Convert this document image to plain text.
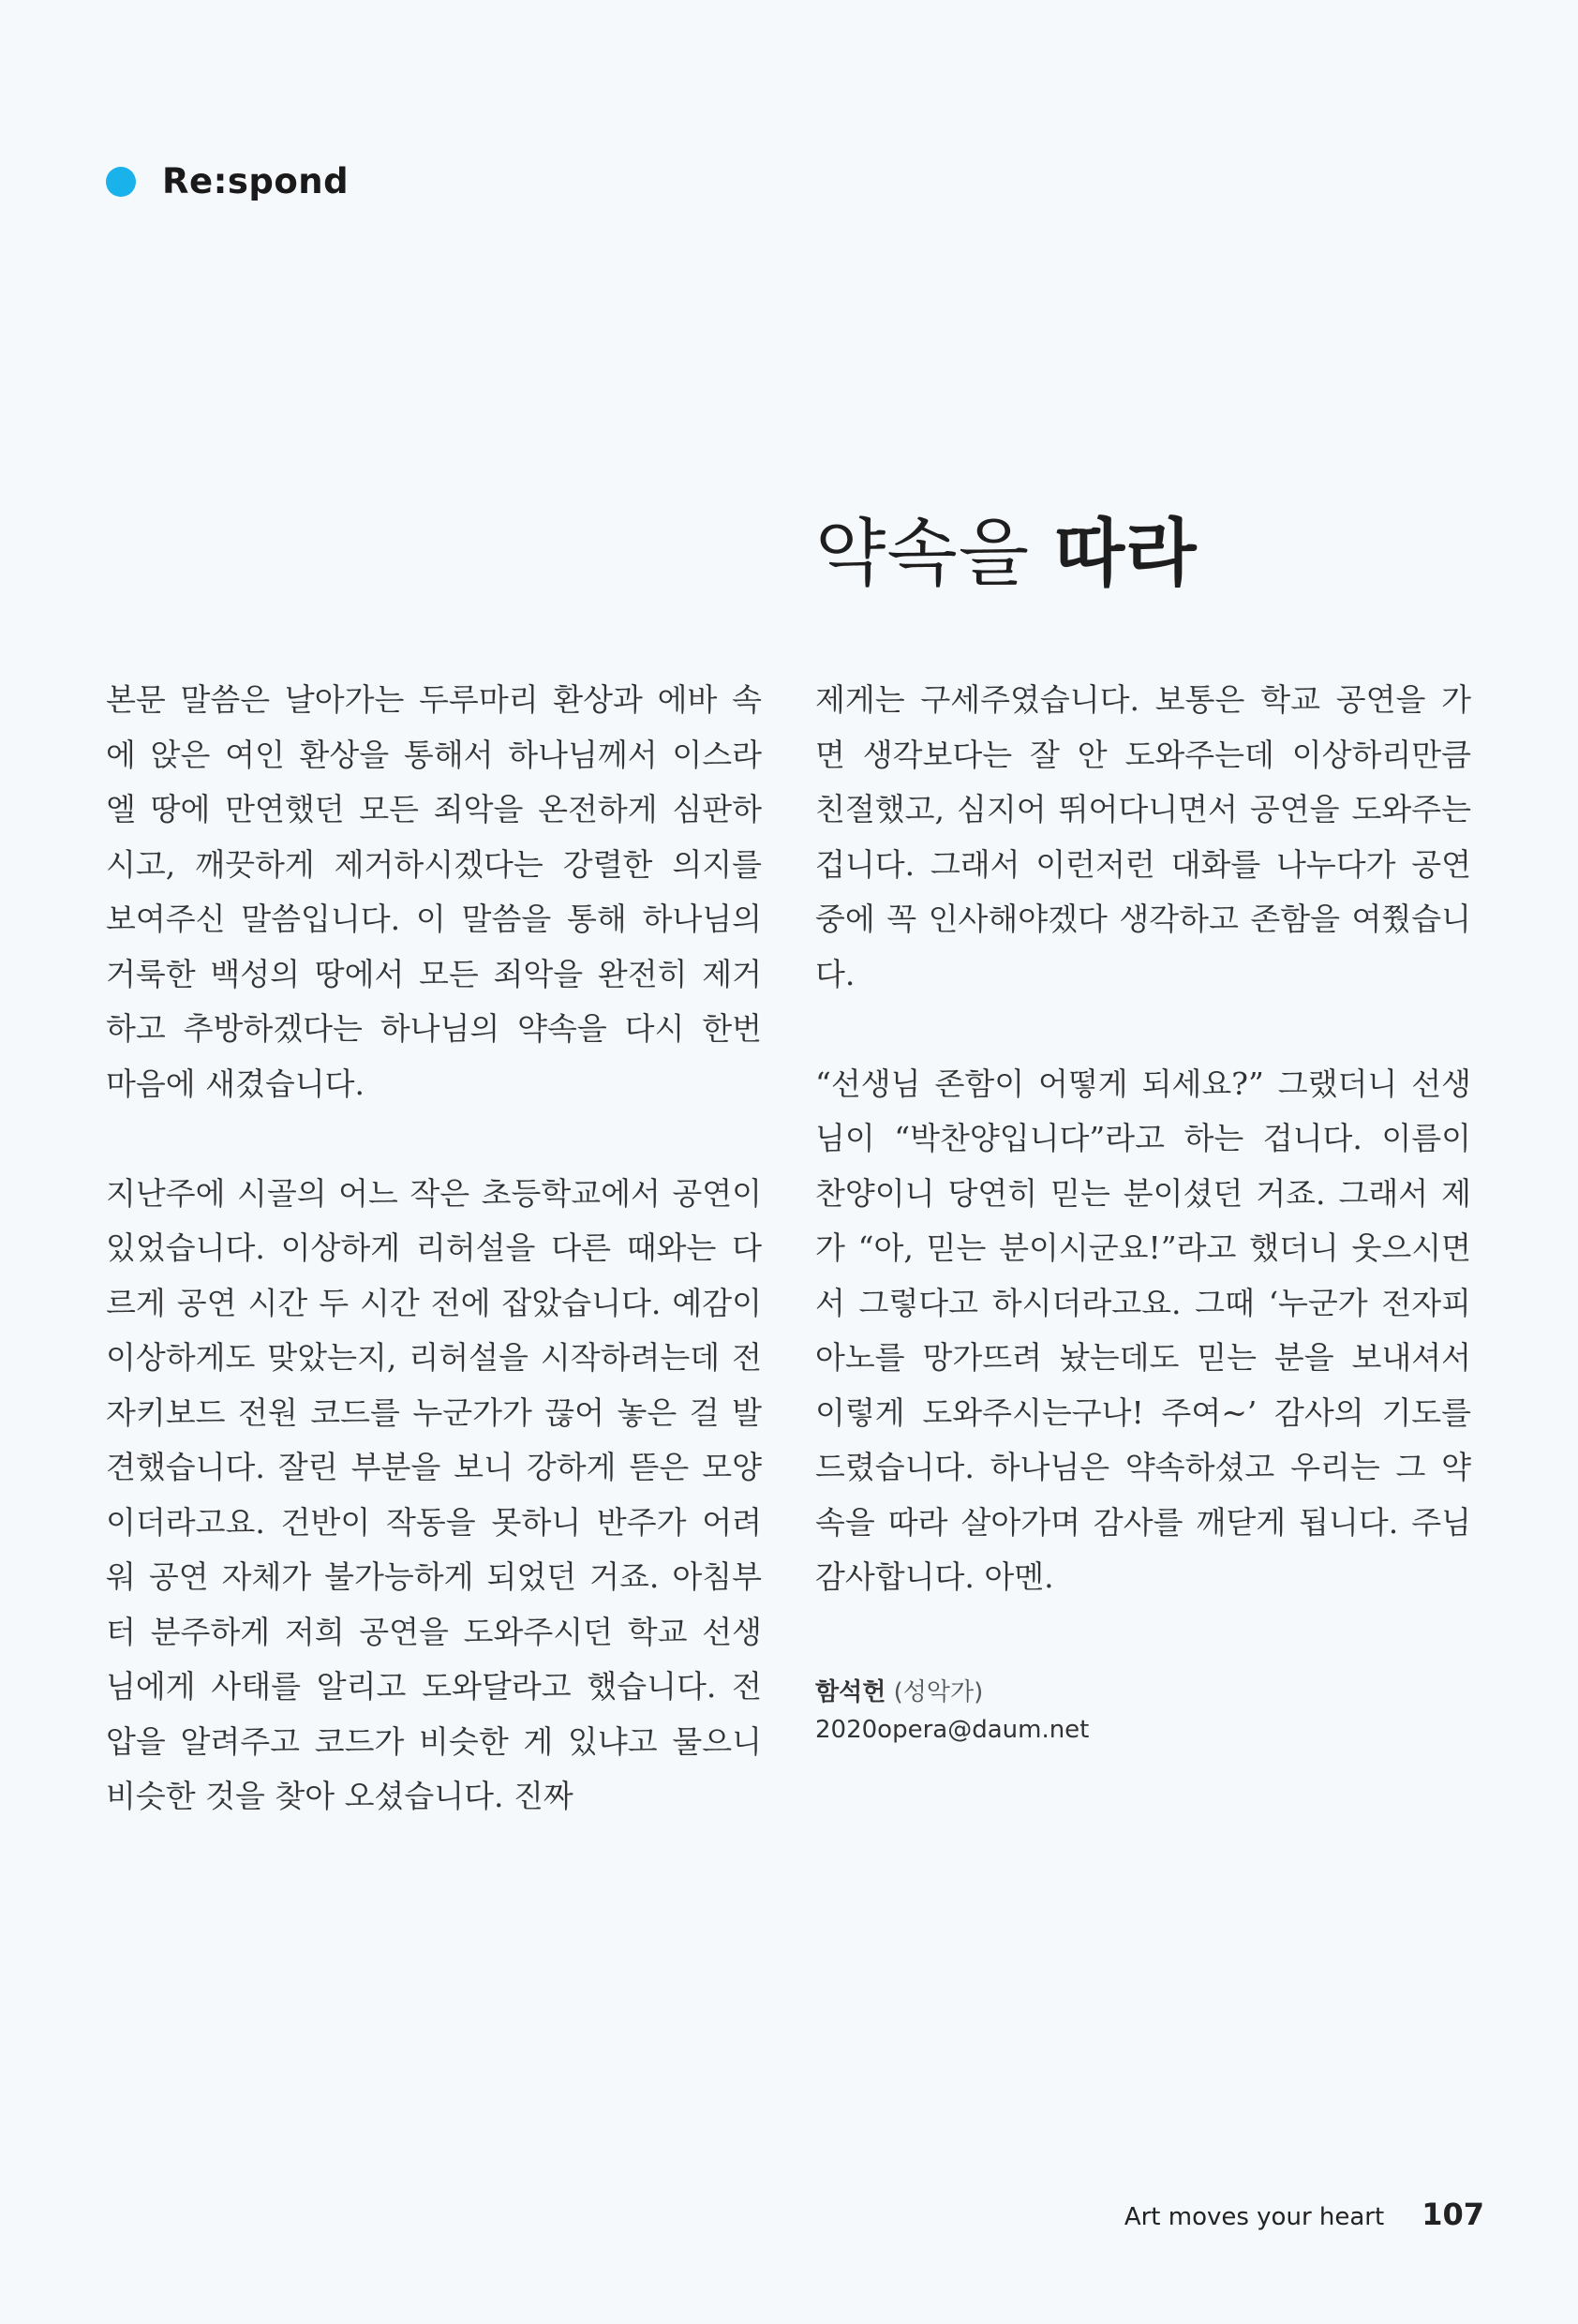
Re:spond
약속을 따라

본문 말씀은 날아가는 두루마리 환상과 에바 속에 앉은 여인 환상을 통해서 하나님께서 이스라엘 땅에 만연했던 모든 죄악을 온전하게 심판하시고, 깨끗하게 제거하시겠다는 강렬한 의지를 보여주신 말씀입니다. 이 말씀을 통해 하나님의 거룩한 백성의 땅에서 모든 죄악을 완전히 제거하고 추방하겠다는 하나님의 약속을 다시 한번 마음에 새겼습니다.

지난주에 시골의 어느 작은 초등학교에서 공연이 있었습니다. 이상하게 리허설을 다른 때와는 다르게 공연 시간 두 시간 전에 잡았습니다. 예감이 이상하게도 맞았는지, 리허설을 시작하려는데 전자키보드 전원 코드를 누군가가 끊어 놓은 걸 발견했습니다. 잘린 부분을 보니 강하게 뜯은 모양이더라고요. 건반이 작동을 못하니 반주가 어려워 공연 자체가 불가능하게 되었던 거죠. 아침부터 분주하게 저희 공연을 도와주시던 학교 선생님에게 사태를 알리고 도와달라고 했습니다. 전압을 알려주고 코드가 비슷한 게 있냐고 물으니 비슷한 것을 찾아 오셨습니다. 진짜

제게는 구세주였습니다. 보통은 학교 공연을 가면 생각보다는 잘 안 도와주는데 이상하리만큼 친절했고, 심지어 뛰어다니면서 공연을 도와주는 겁니다. 그래서 이런저런 대화를 나누다가 공연 중에 꼭 인사해야겠다 생각하고 존함을 여쭸습니다.

“선생님 존함이 어떻게 되세요?” 그랬더니 선생님이 “박찬양입니다”라고 하는 겁니다. 이름이 찬양이니 당연히 믿는 분이셨던 거죠. 그래서 제가 “아, 믿는 분이시군요!”라고 했더니 웃으시면서 그렇다고 하시더라고요. 그때 ‘누군가 전자피아노를 망가뜨려 놨는데도 믿는 분을 보내셔서 이렇게 도와주시는구나! 주여~’ 감사의 기도를 드렸습니다. 하나님은 약속하셨고 우리는 그 약속을 따라 살아가며 감사를 깨닫게 됩니다. 주님 감사합니다. 아멘.

함석헌 (성악가)
2020opera@daum.net
Art moves your heart 107
